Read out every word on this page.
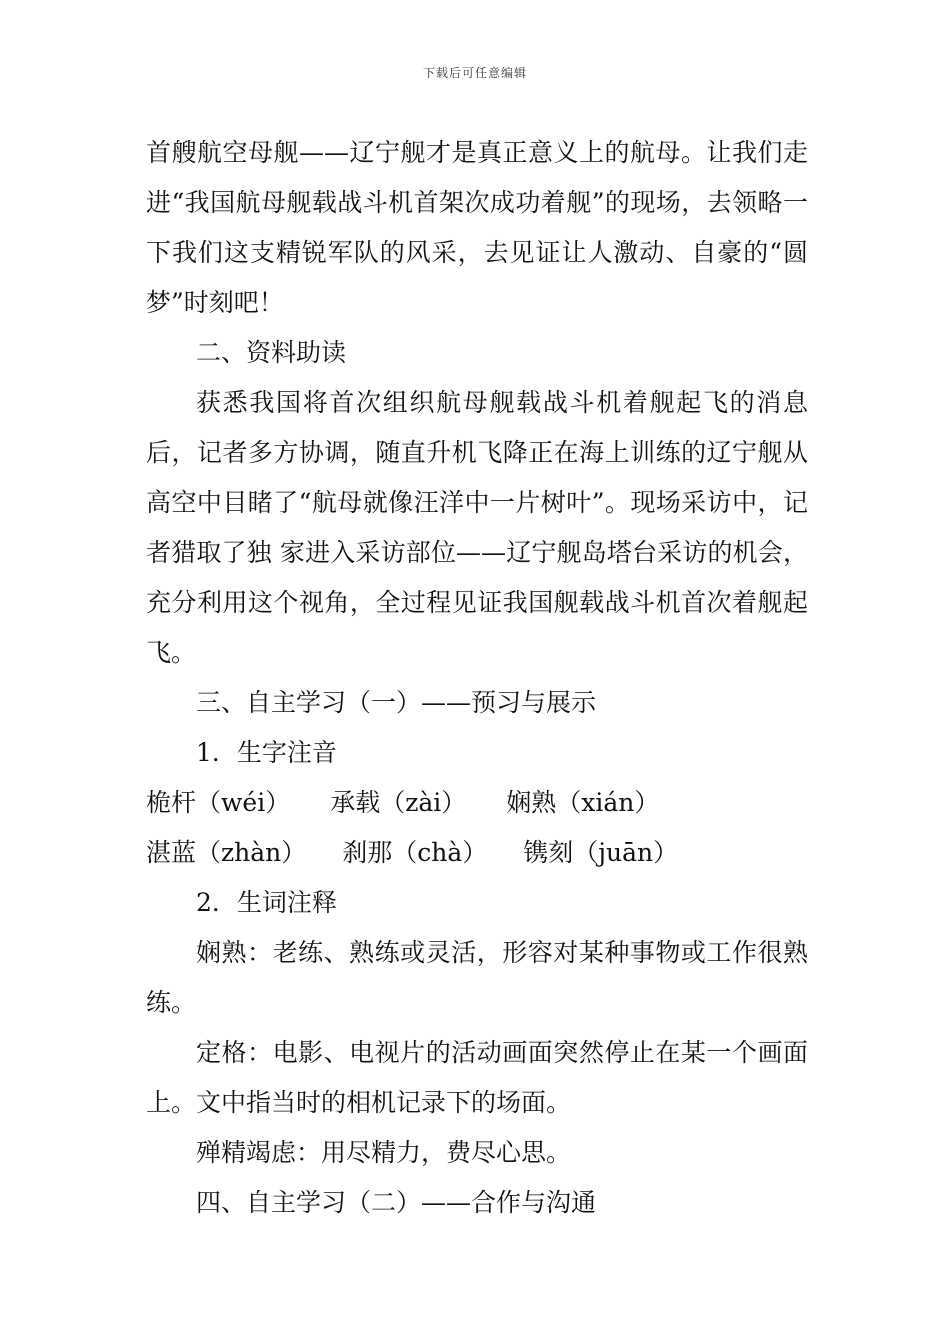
下载后可任意编辑

首艘航空母舰——辽宁舰才是真正意义上的航母。让我们走进“我国航母舰载战斗机首架次成功着舰”的现场，去领略一下我们这支精锐军队的风采，去见证让人激动、自豪的“圆梦”时刻吧！

二、资料助读

获悉我国将首次组织航母舰载战斗机着舰起飞的消息后，记者多方协调，随直升机飞降正在海上训练的辽宁舰从高空中目睹了“航母就像汪洋中一片树叶”。现场采访中，记者猎取了独 家进入采访部位——辽宁舰岛塔台采访的机会，充分利用这个视角，全过程见证我国舰载战斗机首次着舰起飞。

三、自主学习（一）——预习与展示

1．生字注音

桅杆（wéi） 承载（zài） 娴熟（xián）湛蓝（zhàn） 刹那（chà） 镌刻（juān）

2．生词注释

娴熟：老练、熟练或灵活，形容对某种事物或工作很熟练。

定格：电影、电视片的活动画面突然停止在某一个画面上。文中指当时的相机记录下的场面。

殚精竭虑：用尽精力，费尽心思。

四、自主学习（二）——合作与沟通
